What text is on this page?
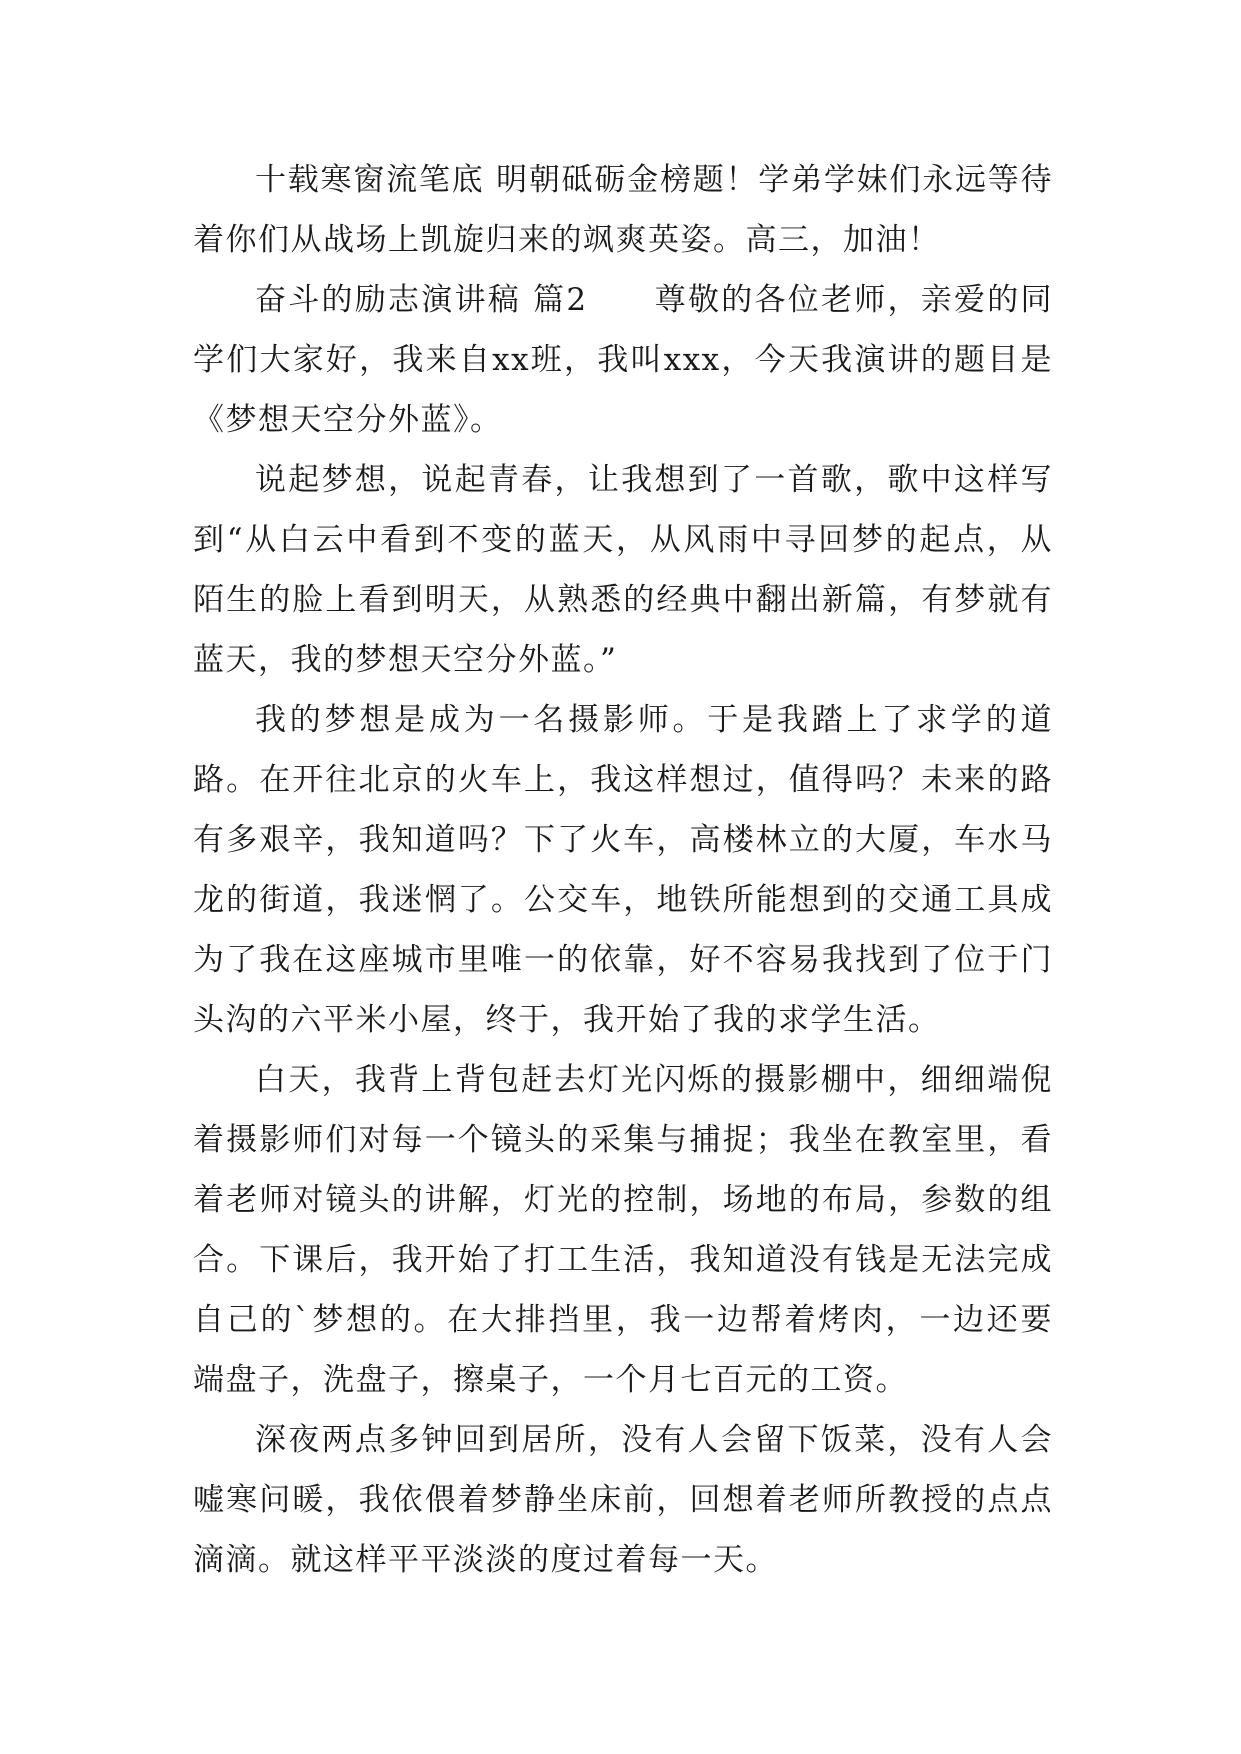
十载寒窗流笔底 明朝砥砺金榜题！学弟学妹们永远等待着你们从战场上凯旋归来的飒爽英姿。高三，加油！

奋斗的励志演讲稿 篇2　　尊敬的各位老师，亲爱的同学们大家好，我来自xx班，我叫xxx，今天我演讲的题目是《梦想天空分外蓝》。

说起梦想，说起青春，让我想到了一首歌，歌中这样写到“从白云中看到不变的蓝天，从风雨中寻回梦的起点，从陌生的脸上看到明天，从熟悉的经典中翻出新篇，有梦就有蓝天，我的梦想天空分外蓝。”

我的梦想是成为一名摄影师。于是我踏上了求学的道路。在开往北京的火车上，我这样想过，值得吗？未来的路有多艰辛，我知道吗？下了火车，高楼林立的大厦，车水马龙的街道，我迷惘了。公交车，地铁所能想到的交通工具成为了我在这座城市里唯一的依靠，好不容易我找到了位于门头沟的六平米小屋，终于，我开始了我的求学生活。

白天，我背上背包赶去灯光闪烁的摄影棚中，细细端倪着摄影师们对每一个镜头的采集与捕捉；我坐在教室里，看着老师对镜头的讲解，灯光的控制，场地的布局，参数的组合。下课后，我开始了打工生活，我知道没有钱是无法完成自己的`梦想的。在大排挡里，我一边帮着烤肉，一边还要端盘子，洗盘子，擦桌子，一个月七百元的工资。

深夜两点多钟回到居所，没有人会留下饭菜，没有人会嘘寒问暖，我依偎着梦静坐床前，回想着老师所教授的点点滴滴。就这样平平淡淡的度过着每一天。
